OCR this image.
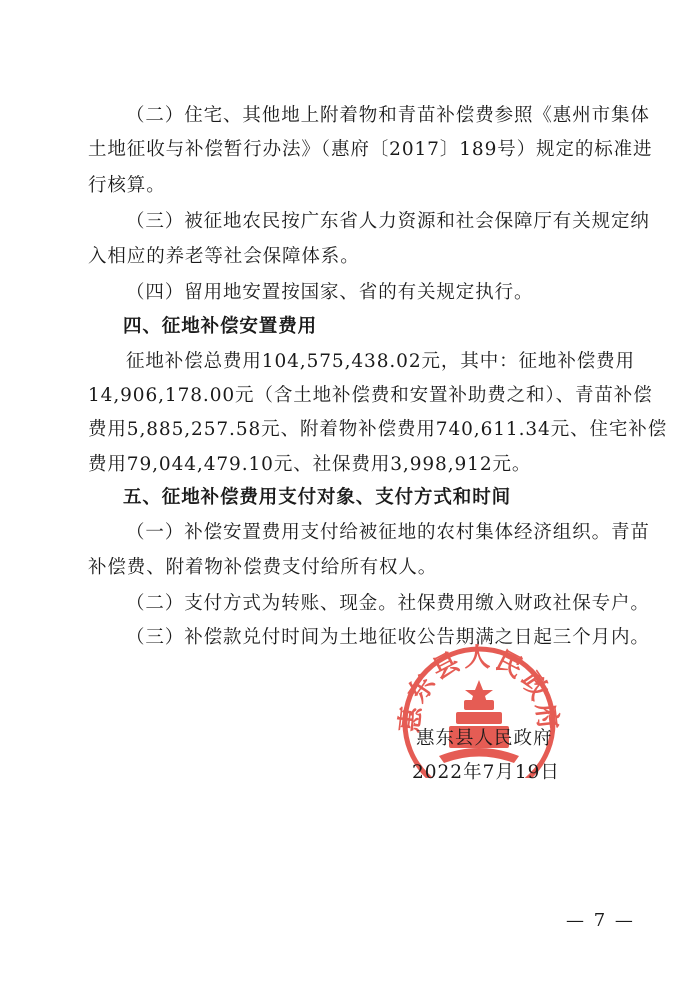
（二）住宅、其他地上附着物和青苗补偿费参照《惠州市集体
土地征收与补偿暂行办法》（惠府〔2017〕189号）规定的标准进
行核算。
（三）被征地农民按广东省人力资源和社会保障厅有关规定纳
入相应的养老等社会保障体系。
（四）留用地安置按国家、省的有关规定执行。
四、征地补偿安置费用
征地补偿总费用104,575,438.02元，其中：征地补偿费用
14,906,178.00元（含土地补偿费和安置补助费之和）、青苗补偿
费用5,885,257.58元、附着物补偿费用740,611.34元、住宅补偿
费用79,044,479.10元、社保费用3,998,912元。
五、征地补偿费用支付对象、支付方式和时间
（一）补偿安置费用支付给被征地的农村集体经济组织。青苗
补偿费、附着物补偿费支付给所有权人。
（二）支付方式为转账、现金。社保费用缴入财政社保专户。
（三）补偿款兑付时间为土地征收公告期满之日起三个月内。
惠东县人民政府
惠东县人民政府
2022年7月19日
— 7 —
